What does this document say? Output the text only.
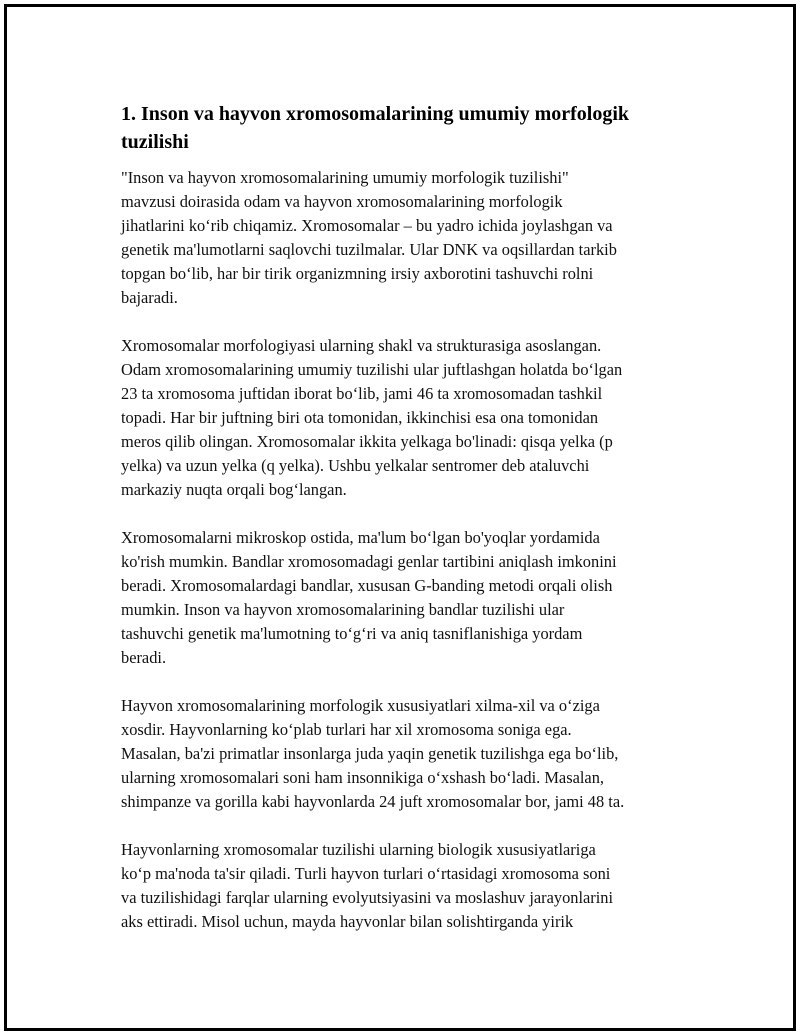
1. Inson va hayvon xromosomalarining umumiy morfologik
tuzilishi

"Inson va hayvon xromosomalarining umumiy morfologik tuzilishi"
mavzusi doirasida odam va hayvon xromosomalarining morfologik
jihatlarini koʻrib chiqamiz. Xromosomalar – bu yadro ichida joylashgan va
genetik ma'lumotlarni saqlovchi tuzilmalar. Ular DNK va oqsillardan tarkib
topgan boʻlib, har bir tirik organizmning irsiy axborotini tashuvchi rolni
bajaradi.

Xromosomalar morfologiyasi ularning shakl va strukturasiga asoslangan.
Odam xromosomalarining umumiy tuzilishi ular juftlashgan holatda boʻlgan
23 ta xromosoma juftidan iborat boʻlib, jami 46 ta xromosomadan tashkil
topadi. Har bir juftning biri ota tomonidan, ikkinchisi esa ona tomonidan
meros qilib olingan. Xromosomalar ikkita yelkaga bo'linadi: qisqa yelka (p
yelka) va uzun yelka (q yelka). Ushbu yelkalar sentromer deb ataluvchi
markaziy nuqta orqali bogʻlangan.

Xromosomalarni mikroskop ostida, ma'lum boʻlgan bo'yoqlar yordamida
ko'rish mumkin. Bandlar xromosomadagi genlar tartibini aniqlash imkonini
beradi. Xromosomalardagi bandlar, xususan G-banding metodi orqali olish
mumkin. Inson va hayvon xromosomalarining bandlar tuzilishi ular
tashuvchi genetik ma'lumotning toʻgʻri va aniq tasniflanishiga yordam
beradi.

Hayvon xromosomalarining morfologik xususiyatlari xilma-xil va oʻziga
xosdir. Hayvonlarning koʻplab turlari har xil xromosoma soniga ega.
Masalan, ba'zi primatlar insonlarga juda yaqin genetik tuzilishga ega boʻlib,
ularning xromosomalari soni ham insonnikiga oʻxshash boʻladi. Masalan,
shimpanze va gorilla kabi hayvonlarda 24 juft xromosomalar bor, jami 48 ta.

Hayvonlarning xromosomalar tuzilishi ularning biologik xususiyatlariga
koʻp ma'noda ta'sir qiladi. Turli hayvon turlari oʻrtasidagi xromosoma soni
va tuzilishidagi farqlar ularning evolyutsiyasini va moslashuv jarayonlarini
aks ettiradi. Misol uchun, mayda hayvonlar bilan solishtirganda yirik
